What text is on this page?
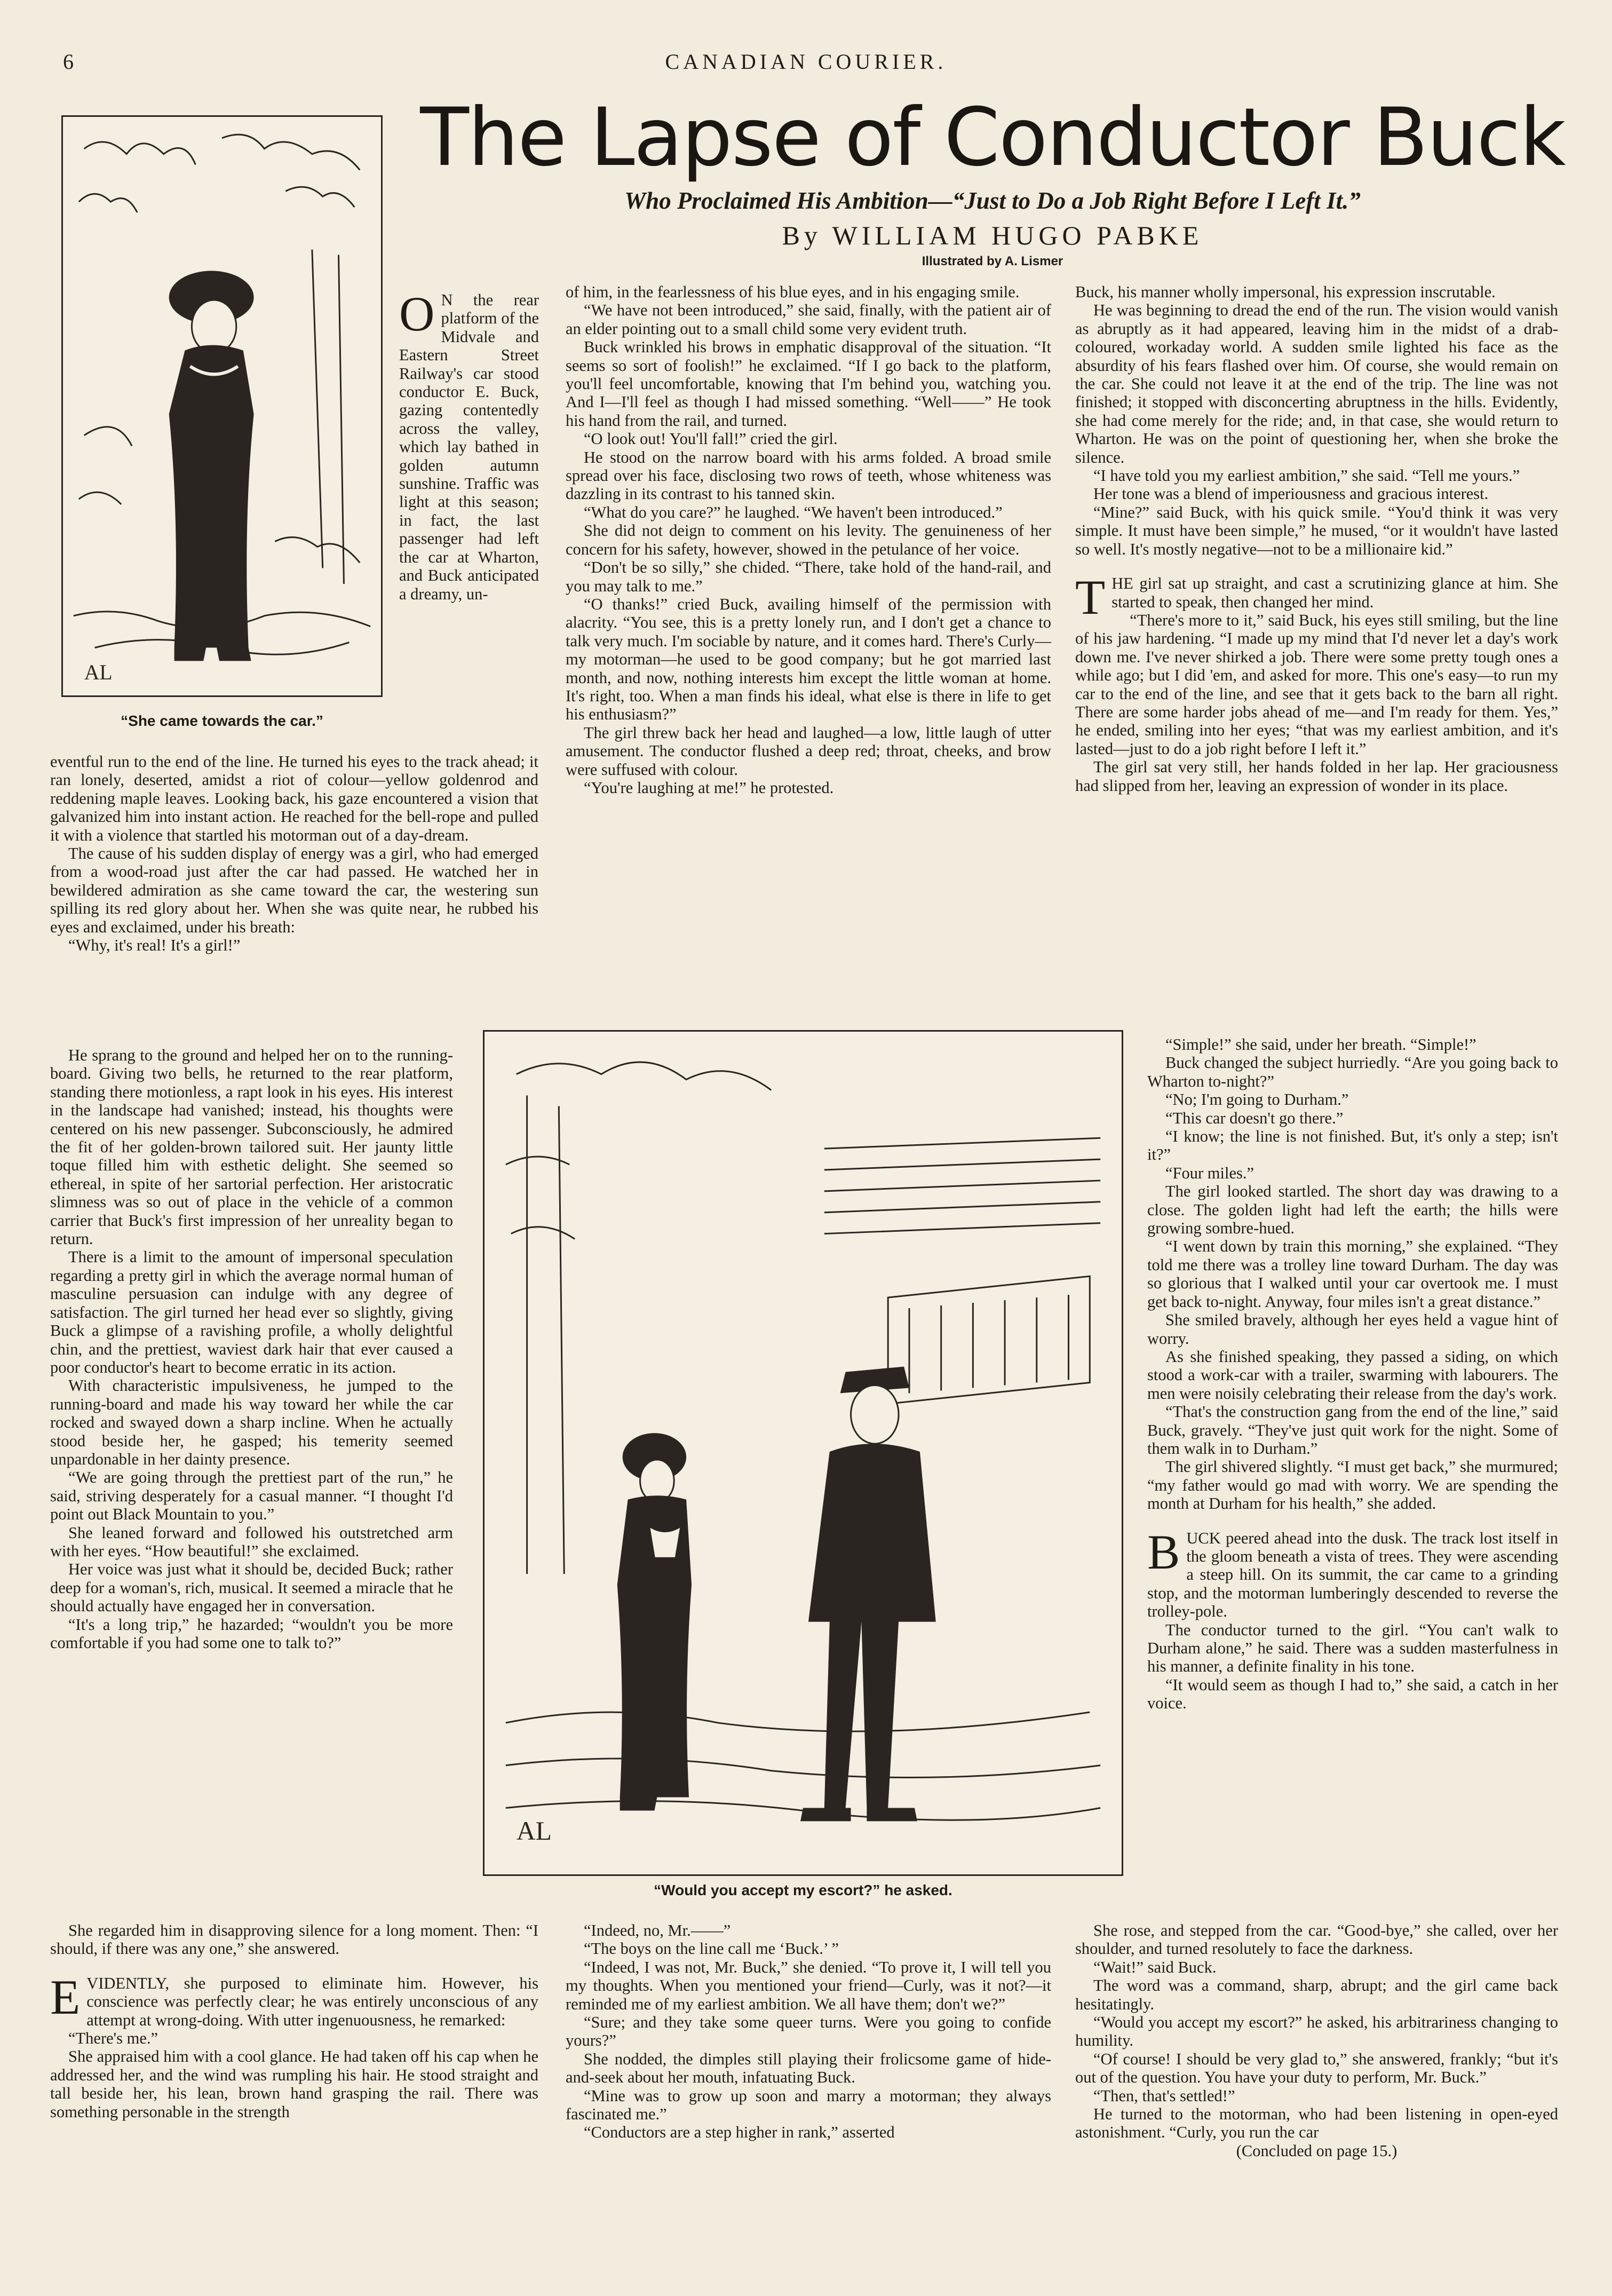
6	CANADIAN COURIER.
The Lapse of Conductor Buck
Who Proclaimed His Ambition—“Just to Do a Job Right Before I Left It.”
By WILLIAM HUGO PABKE
Illustrated by A. Lismer
AL
“She came towards the car.”

O N the rear platform of the Midvale and Eastern Street Railway's car stood conductor E. Buck, gazing contentedly across the valley, which lay bathed in golden autumn sunshine. Traffic was light at this season; in fact, the last passenger had left the car at Wharton, and Buck anticipated a dreamy, un-

eventful run to the end of the line. He turned his eyes to the track ahead; it ran lonely, deserted, amidst a riot of colour—yellow goldenrod and reddening maple leaves. Looking back, his gaze encountered a vision that galvanized him into instant action. He reached for the bell-rope and pulled it with a violence that startled his motorman out of a day-dream.

The cause of his sudden display of energy was a girl, who had emerged from a wood-road just after the car had passed. He watched her in bewildered admiration as she came toward the car, the westering sun spilling its red glory about her. When she was quite near, he rubbed his eyes and exclaimed, under his breath:

“Why, it's real! It's a girl!”

He sprang to the ground and helped her on to the running-board. Giving two bells, he returned to the rear platform, standing there motionless, a rapt look in his eyes. His interest in the landscape had vanished; instead, his thoughts were centered on his new passenger. Subconsciously, he admired the fit of her golden-brown tailored suit. Her jaunty little toque filled him with esthetic delight. She seemed so ethereal, in spite of her sartorial perfection. Her aristocratic slimness was so out of place in the vehicle of a common carrier that Buck's first impression of her unreality began to return.

There is a limit to the amount of impersonal speculation regarding a pretty girl in which the average normal human of masculine persuasion can indulge with any degree of satisfaction. The girl turned her head ever so slightly, giving Buck a glimpse of a ravishing profile, a wholly delightful chin, and the prettiest, waviest dark hair that ever caused a poor conductor's heart to become erratic in its action.

With characteristic impulsiveness, he jumped to the running-board and made his way toward her while the car rocked and swayed down a sharp incline. When he actually stood beside her, he gasped; his temerity seemed unpardonable in her dainty presence.

“We are going through the prettiest part of the run,” he said, striving desperately for a casual manner. “I thought I'd point out Black Mountain to you.”

She leaned forward and followed his outstretched arm with her eyes. “How beautiful!” she exclaimed.

Her voice was just what it should be, decided Buck; rather deep for a woman's, rich, musical. It seemed a miracle that he should actually have engaged her in conversation.

“It's a long trip,” he hazarded; “wouldn't you be more comfortable if you had some one to talk to?”

She regarded him in disapproving silence for a long moment. Then: “I should, if there was any one,” she answered.

EVIDENTLY, she purposed to eliminate him. However, his conscience was perfectly clear; he was entirely unconscious of any attempt at wrong-doing. With utter ingenuousness, he remarked:

“There's me.”

She appraised him with a cool glance. He had taken off his cap when he addressed her, and the wind was rumpling his hair. He stood straight and tall beside her, his lean, brown hand grasping the rail. There was something personable in the strength

of him, in the fearlessness of his blue eyes, and in his engaging smile.

“We have not been introduced,” she said, finally, with the patient air of an elder pointing out to a small child some very evident truth.

Buck wrinkled his brows in emphatic disapproval of the situation. “It seems so sort of foolish!” he exclaimed. “If I go back to the platform, you'll feel uncomfortable, knowing that I'm behind you, watching you. And I—I'll feel as though I had missed something. “Well——” He took his hand from the rail, and turned.

“O look out! You'll fall!” cried the girl.

He stood on the narrow board with his arms folded. A broad smile spread over his face, disclosing two rows of teeth, whose whiteness was dazzling in its contrast to his tanned skin.

“What do you care?” he laughed. “We haven't been introduced.”

She did not deign to comment on his levity. The genuineness of her concern for his safety, however, showed in the petulance of her voice.

“Don't be so silly,” she chided. “There, take hold of the hand-rail, and you may talk to me.”

“O thanks!” cried Buck, availing himself of the permission with alacrity. “You see, this is a pretty lonely run, and I don't get a chance to talk very much. I'm sociable by nature, and it comes hard. There's Curly—my motorman—he used to be good company; but he got married last month, and now, nothing interests him except the little woman at home. It's right, too. When a man finds his ideal, what else is there in life to get his enthusiasm?”

The girl threw back her head and laughed—a low, little laugh of utter amusement. The conductor flushed a deep red; throat, cheeks, and brow were suffused with colour.

“You're laughing at me!” he protested.

AL
“Would you accept my escort?” he asked.

“Indeed, no, Mr.——”

“The boys on the line call me ‘Buck.’ ”

“Indeed, I was not, Mr. Buck,” she denied. “To prove it, I will tell you my thoughts. When you mentioned your friend—Curly, was it not?—it reminded me of my earliest ambition. We all have them; don't we?”

“Sure; and they take some queer turns. Were you going to confide yours?”

She nodded, the dimples still playing their frolicsome game of hide-and-seek about her mouth, infatuating Buck.

“Mine was to grow up soon and marry a motorman; they always fascinated me.”

“Conductors are a step higher in rank,” asserted

Buck, his manner wholly impersonal, his expression inscrutable.

He was beginning to dread the end of the run. The vision would vanish as abruptly as it had appeared, leaving him in the midst of a drab-coloured, workaday world. A sudden smile lighted his face as the absurdity of his fears flashed over him. Of course, she would remain on the car. She could not leave it at the end of the trip. The line was not finished; it stopped with disconcerting abruptness in the hills. Evidently, she had come merely for the ride; and, in that case, she would return to Wharton. He was on the point of questioning her, when she broke the silence.

“I have told you my earliest ambition,” she said. “Tell me yours.”

Her tone was a blend of imperiousness and gracious interest.

“Mine?” said Buck, with his quick smile. “You'd think it was very simple. It must have been simple,” he mused, “or it wouldn't have lasted so well. It's mostly negative—not to be a millionaire kid.”

THE girl sat up straight, and cast a scrutinizing glance at him. She started to speak, then changed her mind.

“There's more to it,” said Buck, his eyes still smiling, but the line of his jaw hardening. “I made up my mind that I'd never let a day's work down me. I've never shirked a job. There were some pretty tough ones a while ago; but I did 'em, and asked for more. This one's easy—to run my car to the end of the line, and see that it gets back to the barn all right. There are some harder jobs ahead of me—and I'm ready for them. Yes,” he ended, smiling into her eyes; “that was my earliest ambition, and it's lasted—just to do a job right before I left it.”

The girl sat very still, her hands folded in her lap. Her graciousness had slipped from her, leaving an expression of wonder in its place.

“Simple!” she said, under her breath. “Simple!”

Buck changed the subject hurriedly. “Are you going back to Wharton to-night?”

“No; I'm going to Durham.”

“This car doesn't go there.”

“I know; the line is not finished. But, it's only a step; isn't it?”

“Four miles.”

The girl looked startled. The short day was drawing to a close. The golden light had left the earth; the hills were growing sombre-hued.

“I went down by train this morning,” she explained. “They told me there was a trolley line toward Durham. The day was so glorious that I walked until your car overtook me. I must get back to-night. Anyway, four miles isn't a great distance.”

She smiled bravely, although her eyes held a vague hint of worry.

As she finished speaking, they passed a siding, on which stood a work-car with a trailer, swarming with labourers. The men were noisily celebrating their release from the day's work.

“That's the construction gang from the end of the line,” said Buck, gravely. “They've just quit work for the night. Some of them walk in to Durham.”

The girl shivered slightly. “I must get back,” she murmured; “my father would go mad with worry. We are spending the month at Durham for his health,” she added.

BUCK peered ahead into the dusk. The track lost itself in the gloom beneath a vista of trees. They were ascending a steep hill. On its summit, the car came to a grinding stop, and the motorman lumberingly descended to reverse the trolley-pole.

The conductor turned to the girl. “You can't walk to Durham alone,” he said. There was a sudden masterfulness in his manner, a definite finality in his tone.

“It would seem as though I had to,” she said, a catch in her voice.

She rose, and stepped from the car. “Good-bye,” she called, over her shoulder, and turned resolutely to face the darkness.

“Wait!” said Buck.

The word was a command, sharp, abrupt; and the girl came back hesitatingly.

“Would you accept my escort?” he asked, his arbitrariness changing to humility.

“Of course! I should be very glad to,” she answered, frankly; “but it's out of the question. You have your duty to perform, Mr. Buck.”

“Then, that's settled!”

He turned to the motorman, who had been listening in open-eyed astonishment. “Curly, you run the car

(Concluded on page 15.)
